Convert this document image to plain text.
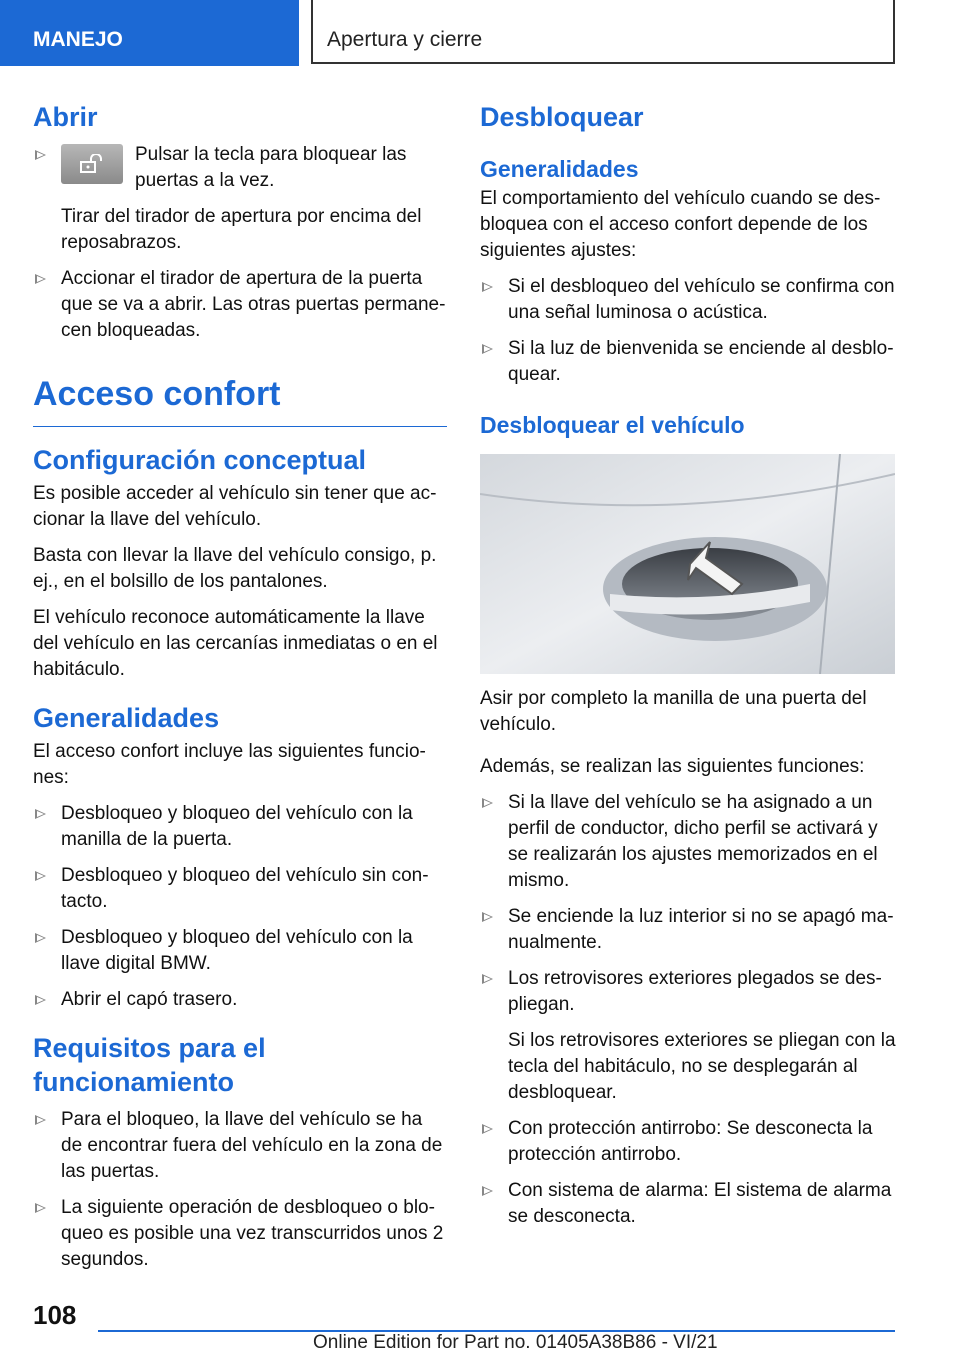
MANEJO	Apertura y cierre
Abrir
Pulsar la tecla para bloquear las puertas a la vez.
Tirar del tirador de apertura por encima del reposabrazos.
Accionar el tirador de apertura de la puerta que se va a abrir. Las otras puertas permanecen bloqueadas.
Acceso confort
Configuración conceptual

Es posible acceder al vehículo sin tener que accionar la llave del vehículo.

Basta con llevar la llave del vehículo consigo, p. ej., en el bolsillo de los pantalones.

El vehículo reconoce automáticamente la llave del vehículo en las cercanías inmediatas o en el habitáculo.

Generalidades

El acceso confort incluye las siguientes funciones:

Desbloqueo y bloqueo del vehículo con la manilla de la puerta.
Desbloqueo y bloqueo del vehículo sin contacto.
Desbloqueo y bloqueo del vehículo con la llave digital BMW.
Abrir el capó trasero.
Requisitos para el funcionamiento
Para el bloqueo, la llave del vehículo se ha de encontrar fuera del vehículo en la zona de las puertas.
La siguiente operación de desbloqueo o bloqueo es posible una vez transcurridos unos 2 segundos.
Desbloquear
Generalidades

El comportamiento del vehículo cuando se desbloquea con el acceso confort depende de los siguientes ajustes:

Si el desbloqueo del vehículo se confirma con una señal luminosa o acústica.
Si la luz de bienvenida se enciende al desbloquear.
Desbloquear el vehículo

Asir por completo la manilla de una puerta del vehículo.

Además, se realizan las siguientes funciones:

Si la llave del vehículo se ha asignado a un perfil de conductor, dicho perfil se activará y se realizarán los ajustes memorizados en el mismo.
Se enciende la luz interior si no se apagó manualmente.
Los retrovisores exteriores plegados se despliegan.
Si los retrovisores exteriores se pliegan con la tecla del habitáculo, no se desplegarán al desbloquear.
Con protección antirrobo: Se desconecta la protección antirrobo.
Con sistema de alarma: El sistema de alarma se desconecta.
108
Online Edition for Part no. 01405A38B86 - VI/21
